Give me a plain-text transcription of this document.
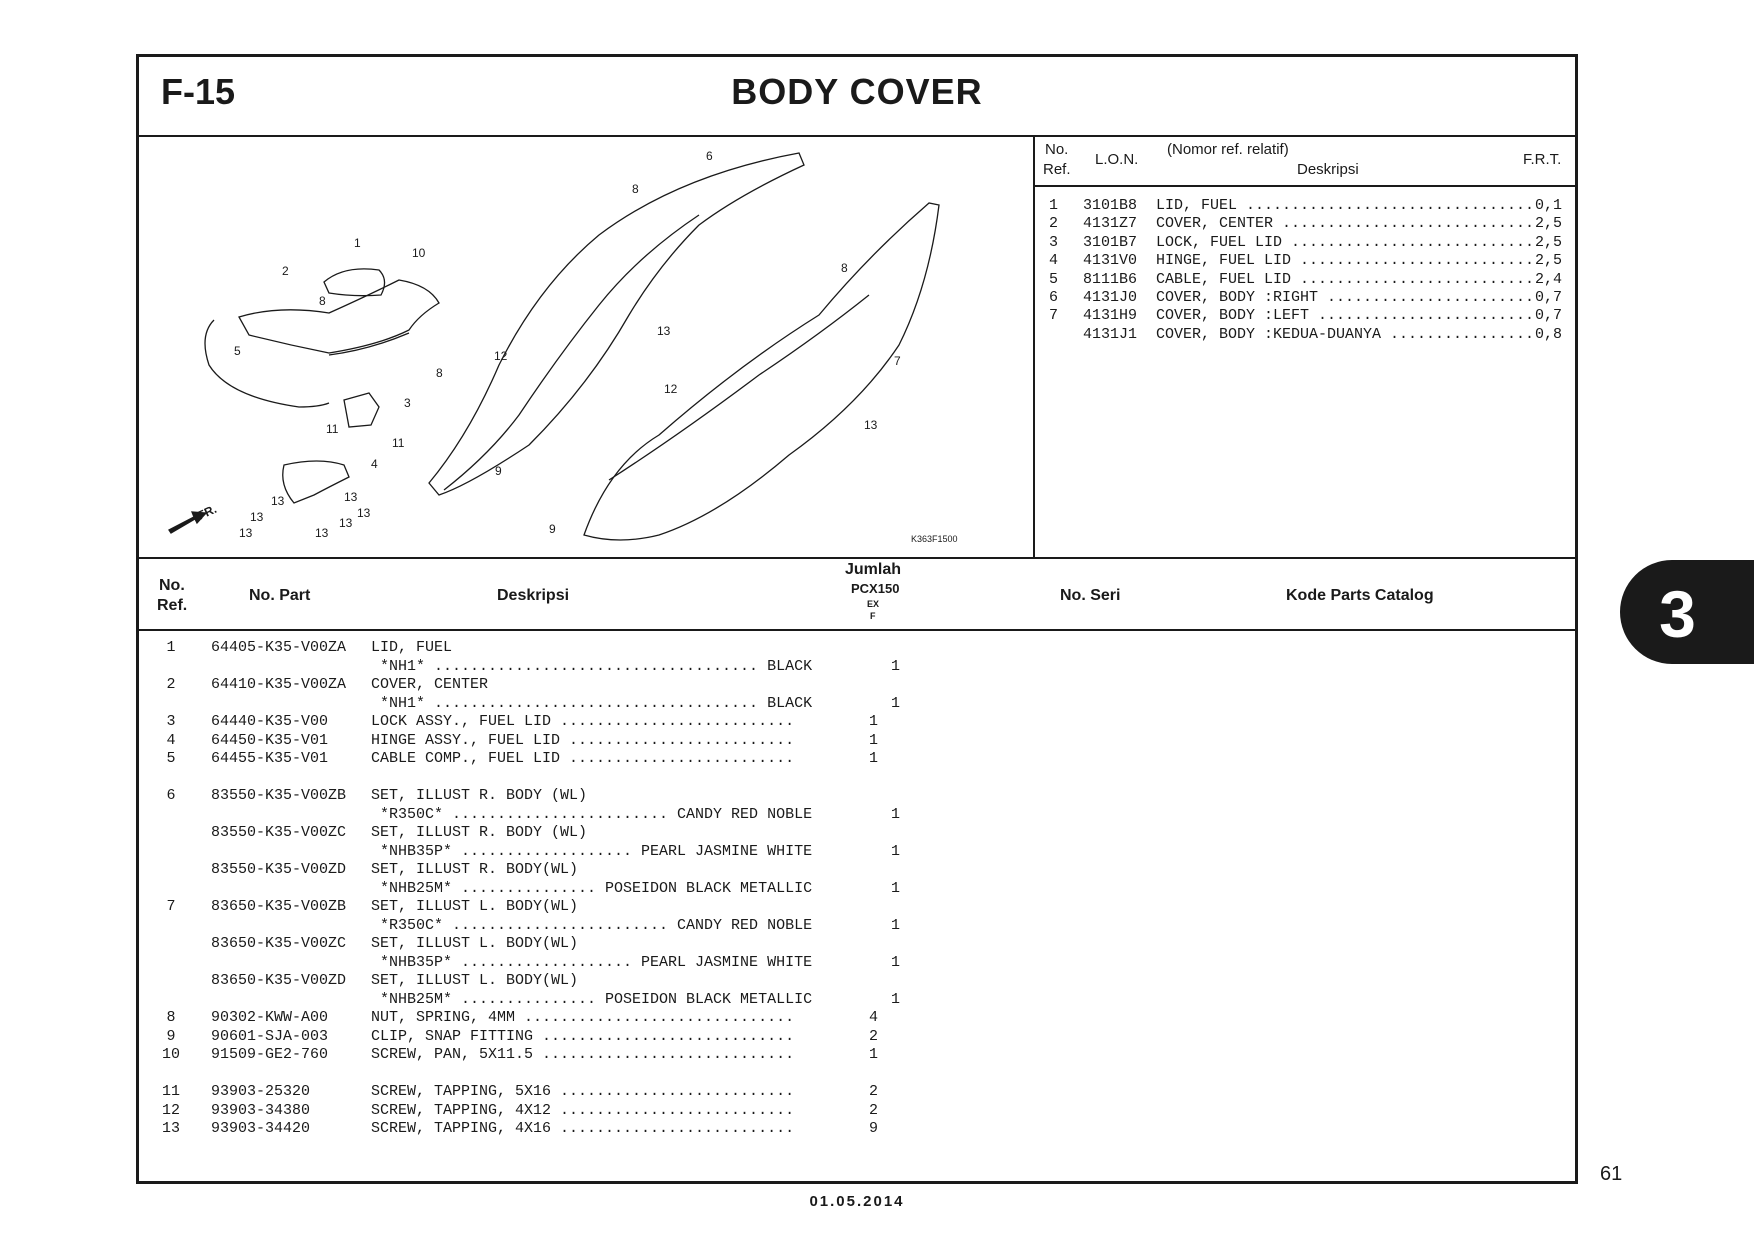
F-15	BODY COVER
1
2
3
4
5
6
7
8
8
8
8
9
9
10
11
11
12
12
13
13
13	13
13	13
13
13	13
FR.
K363F1500
No.
Ref.
L.O.N.
(Nomor ref. relatif)
Deskripsi
F.R.T.
1 3101B8 LID, FUEL ................................ 0,1
2 4131Z7 COVER, CENTER ............................ 2,5
3 3101B7 LOCK, FUEL LID ........................... 2,5
4 4131V0 HINGE, FUEL LID .......................... 2,5
5 8111B6 CABLE, FUEL LID .......................... 2,4
6 4131J0 COVER, BODY :RIGHT ....................... 0,7
7 4131H9 COVER, BODY :LEFT ........................ 0,7
4131J1 COVER, BODY :KEDUA-DUANYA ................ 0,8
No.
Ref.
No. Part	Deskripsi
Jumlah
PCX150
EX
F
No. Seri	Kode Parts Catalog
1	64405-K35-V00ZA LID, FUEL
*NH1* .................................... BLACK	1
2	64410-K35-V00ZA COVER, CENTER
*NH1* .................................... BLACK	1
3	64440-K35-V00	LOCK ASSY., FUEL LID ..........................	1
4	64450-K35-V01	HINGE ASSY., FUEL LID .........................	1
5	64455-K35-V01	CABLE COMP., FUEL LID .........................	1
6	83550-K35-V00ZB SET, ILLUST R. BODY (WL)
*R350C* ........................ CANDY RED NOBLE	1
83550-K35-V00ZC SET, ILLUST R. BODY (WL)
*NHB35P* ................... PEARL JASMINE WHITE	1
83550-K35-V00ZD SET, ILLUST R. BODY(WL)
*NHB25M* ............... POSEIDON BLACK METALLIC	1
7	83650-K35-V00ZB SET, ILLUST L. BODY(WL)
*R350C* ........................ CANDY RED NOBLE	1
83650-K35-V00ZC SET, ILLUST L. BODY(WL)
*NHB35P* ................... PEARL JASMINE WHITE	1
83650-K35-V00ZD SET, ILLUST L. BODY(WL)
*NHB25M* ............... POSEIDON BLACK METALLIC	1
8	90302-KWW-A00	NUT, SPRING, 4MM ..............................	4
9	90601-SJA-003	CLIP, SNAP FITTING ............................	2
10	91509-GE2-760	SCREW, PAN, 5X11.5 ............................	1
11	93903-25320	SCREW, TAPPING, 5X16 ..........................	2
12	93903-34380	SCREW, TAPPING, 4X12 ..........................	2
13	93903-34420	SCREW, TAPPING, 4X16 ..........................	9
3
61
01.05.2014
